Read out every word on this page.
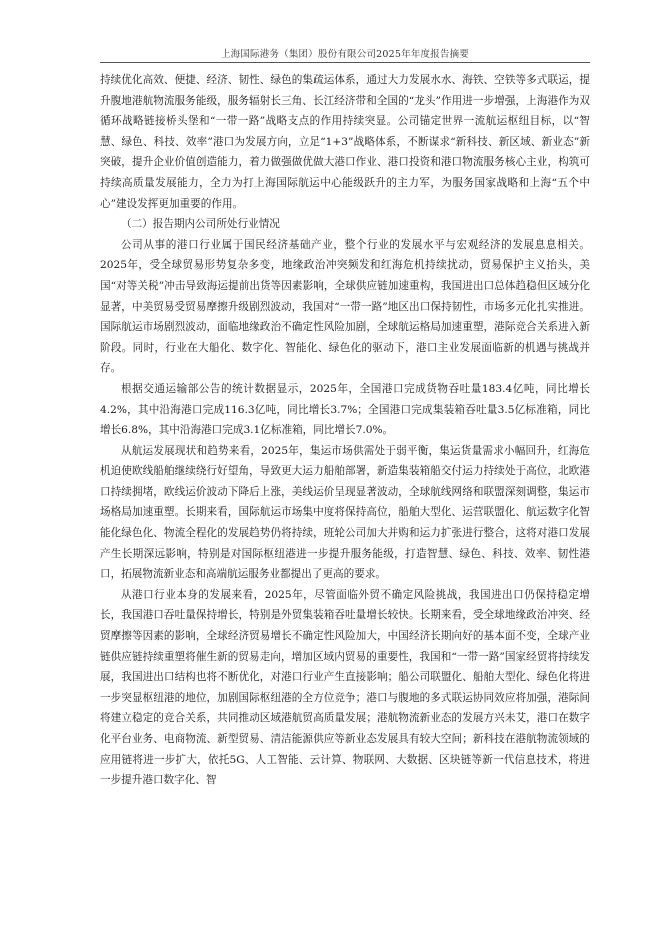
上海国际港务（集团）股份有限公司2025年年度报告摘要

持续优化高效、便捷、经济、韧性、绿色的集疏运体系，通过大力发展水水、海铁、空铁等多式联运，提升腹地港航物流服务能级，服务辐射长三角、长江经济带和全国的“龙头”作用进一步增强，上海港作为双循环战略链接桥头堡和“一带一路”战略支点的作用持续突显。公司锚定世界一流航运枢纽目标，以“智慧、绿色、科技、效率”港口为发展方向，立足“1+3”战略体系，不断谋求“新科技、新区域、新业态”新突破，提升企业价值创造能力，着力做强做优做大港口作业、港口投资和港口物流服务核心主业，构筑可持续高质量发展能力，全力为打上海国际航运中心能级跃升的主力军，为服务国家战略和上海“五个中心”建设发挥更加重要的作用。

（二）报告期内公司所处行业情况

公司从事的港口行业属于国民经济基础产业，整个行业的发展水平与宏观经济的发展息息相关。2025年，受全球贸易形势复杂多变，地缘政治冲突频发和红海危机持续扰动，贸易保护主义抬头，美国“对等关税”冲击导致海运提前出货等因素影响，全球供应链加速重构，我国进出口总体趋稳但区域分化显著，中美贸易受贸易摩擦升级剧烈波动，我国对“一带一路”地区出口保持韧性，市场多元化扎实推进。国际航运市场剧烈波动，面临地缘政治不确定性风险加剧，全球航运格局加速重塑，港际竞合关系进入新阶段。同时，行业在大船化、数字化、智能化、绿色化的驱动下，港口主业发展面临新的机遇与挑战并存。

根据交通运输部公告的统计数据显示，2025年，全国港口完成货物吞吐量183.4亿吨，同比增长4.2%，其中沿海港口完成116.3亿吨，同比增长3.7%；全国港口完成集装箱吞吐量3.5亿标准箱，同比增长6.8%，其中沿海港口完成3.1亿标准箱，同比增长7.0%。

从航运发展现状和趋势来看，2025年，集运市场供需处于弱平衡，集运货量需求小幅回升，红海危机迫使欧线船舶继续绕行好望角，导致更大运力船舶部署，新造集装箱船交付运力持续处于高位，北欧港口持续拥堵，欧线运价波动下降后上涨，美线运价呈现显著波动，全球航线网络和联盟深刻调整，集运市场格局加速重塑。长期来看，国际航运市场集中度将保持高位，船舶大型化、运营联盟化、航运数字化智能化绿色化、物流全程化的发展趋势仍将持续，班轮公司加大并购和运力扩张进行整合，这将对港口发展产生长期深远影响，特别是对国际枢纽港进一步提升服务能级，打造智慧、绿色、科技、效率、韧性港口，拓展物流新业态和高端航运服务业都提出了更高的要求。

从港口行业本身的发展来看，2025年，尽管面临外贸不确定风险挑战，我国进出口仍保持稳定增长，我国港口吞吐量保持增长，特别是外贸集装箱吞吐量增长较快。长期来看，受全球地缘政治冲突、经贸摩擦等因素的影响，全球经济贸易增长不确定性风险加大，中国经济长期向好的基本面不变，全球产业链供应链持续重塑将催生新的贸易走向，增加区域内贸易的重要性，我国和“一带一路”国家经贸将持续发展，我国进出口结构也将不断优化，对港口行业产生直接影响；船公司联盟化、船舶大型化、绿色化将进一步突显枢纽港的地位，加剧国际枢纽港的全方位竞争；港口与腹地的多式联运协同效应将加强，港际间将建立稳定的竞合关系，共同推动区域港航贸高质量发展；港航物流新业态的发展方兴未艾，港口在数字化平台业务、电商物流、新型贸易、清洁能源供应等新业态发展具有较大空间；新科技在港航物流领域的应用链将进一步扩大，依托5G、人工智能、云计算、物联网、大数据、区块链等新一代信息技术，将进一步提升港口数字化、智
